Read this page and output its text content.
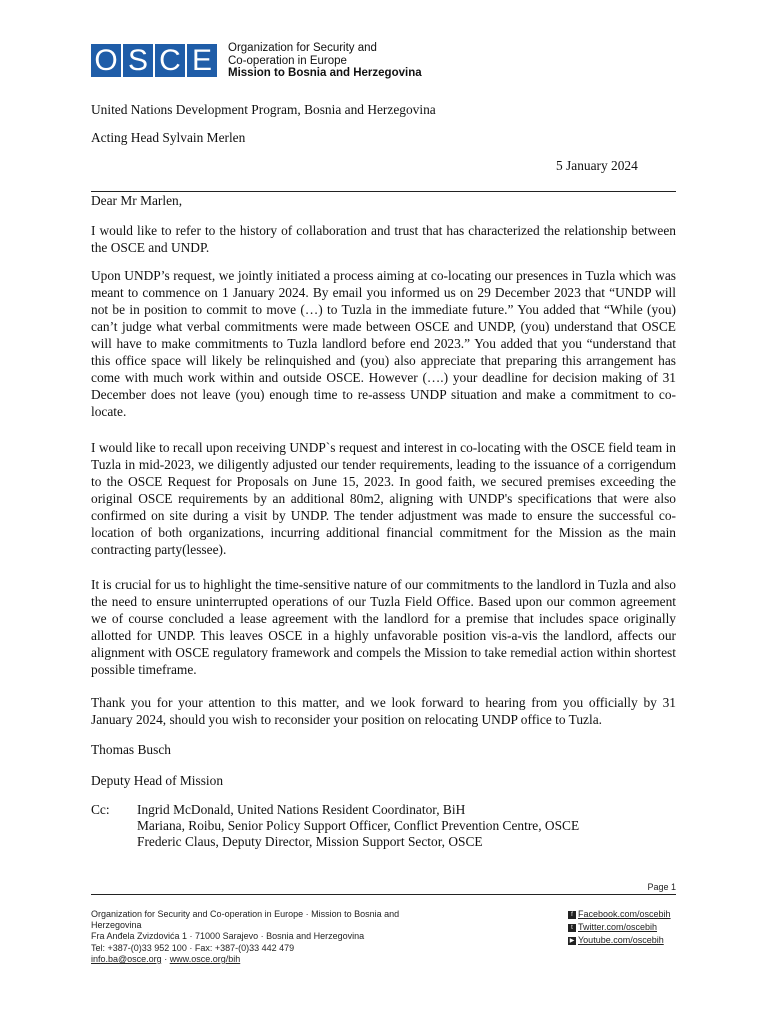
O S C E	Organization for Security and
Co-operation in Europe
Mission to Bosnia and Herzegovina
United Nations Development Program, Bosnia and Herzegovina
Acting Head Sylvain Merlen
5 January 2024
Dear Mr Marlen,
I would like to refer to the history of collaboration and trust that has characterized the relationship between the OSCE and UNDP.
Upon UNDP’s request, we jointly initiated a process aiming at co-locating our presences in Tuzla which was meant to commence on 1 January 2024. By email you informed us on 29 December 2023 that “UNDP will not be in position to commit to move (…) to Tuzla in the immediate future.” You added that “While (you) can’t judge what verbal commitments were made between OSCE and UNDP, (you) understand that OSCE will have to make commitments to Tuzla landlord before end 2023.” You added that you “understand that this office space will likely be relinquished and (you) also appreciate that preparing this arrangement has come with much work within and outside OSCE. However (….) your deadline for decision making of 31 December does not leave (you) enough time to re-assess UNDP situation and make a commitment to co-locate.
I would like to recall upon receiving UNDP`s request and interest in co-locating with the OSCE field team in Tuzla in mid-2023, we diligently adjusted our tender requirements, leading to the issuance of a corrigendum to the OSCE Request for Proposals on June 15, 2023. In good faith, we secured premises exceeding the original OSCE requirements by an additional 80m2, aligning with UNDP's specifications that were also confirmed on site during a visit by UNDP. The tender adjustment was made to ensure the successful co-location of both organizations, incurring additional financial commitment for the Mission as the main contracting party(lessee).
It is crucial for us to highlight the time-sensitive nature of our commitments to the landlord in Tuzla and also the need to ensure uninterrupted operations of our Tuzla Field Office. Based upon our common agreement we of course concluded a lease agreement with the landlord for a premise that includes space originally allotted for UNDP. This leaves OSCE in a highly unfavorable position vis-a-vis the landlord, affects our alignment with OSCE regulatory framework and compels the Mission to take remedial action within shortest possible timeframe.
Thank you for your attention to this matter, and we look forward to hearing from you officially by 31 January 2024, should you wish to reconsider your position on relocating UNDP office to Tuzla.
Thomas Busch
Deputy Head of Mission
Cc: Ingrid McDonald, United Nations Resident Coordinator, BiH
Mariana, Roibu, Senior Policy Support Officer, Conflict Prevention Centre, OSCE
Frederic Claus, Deputy Director, Mission Support Sector, OSCE
Page 1
Organization for Security and Co-operation in Europe · Mission to Bosnia and
Herzegovina
Fra Anđela Zvizdovića 1 · 71000 Sarajevo · Bosnia and Herzegovina
Tel: +387-(0)33 952 100 · Fax: +387-(0)33 442 479
info.ba@osce.org · www.osce.org/bih
f Facebook.com/oscebih
t Twitter.com/oscebih
▶ Youtube.com/oscebih
